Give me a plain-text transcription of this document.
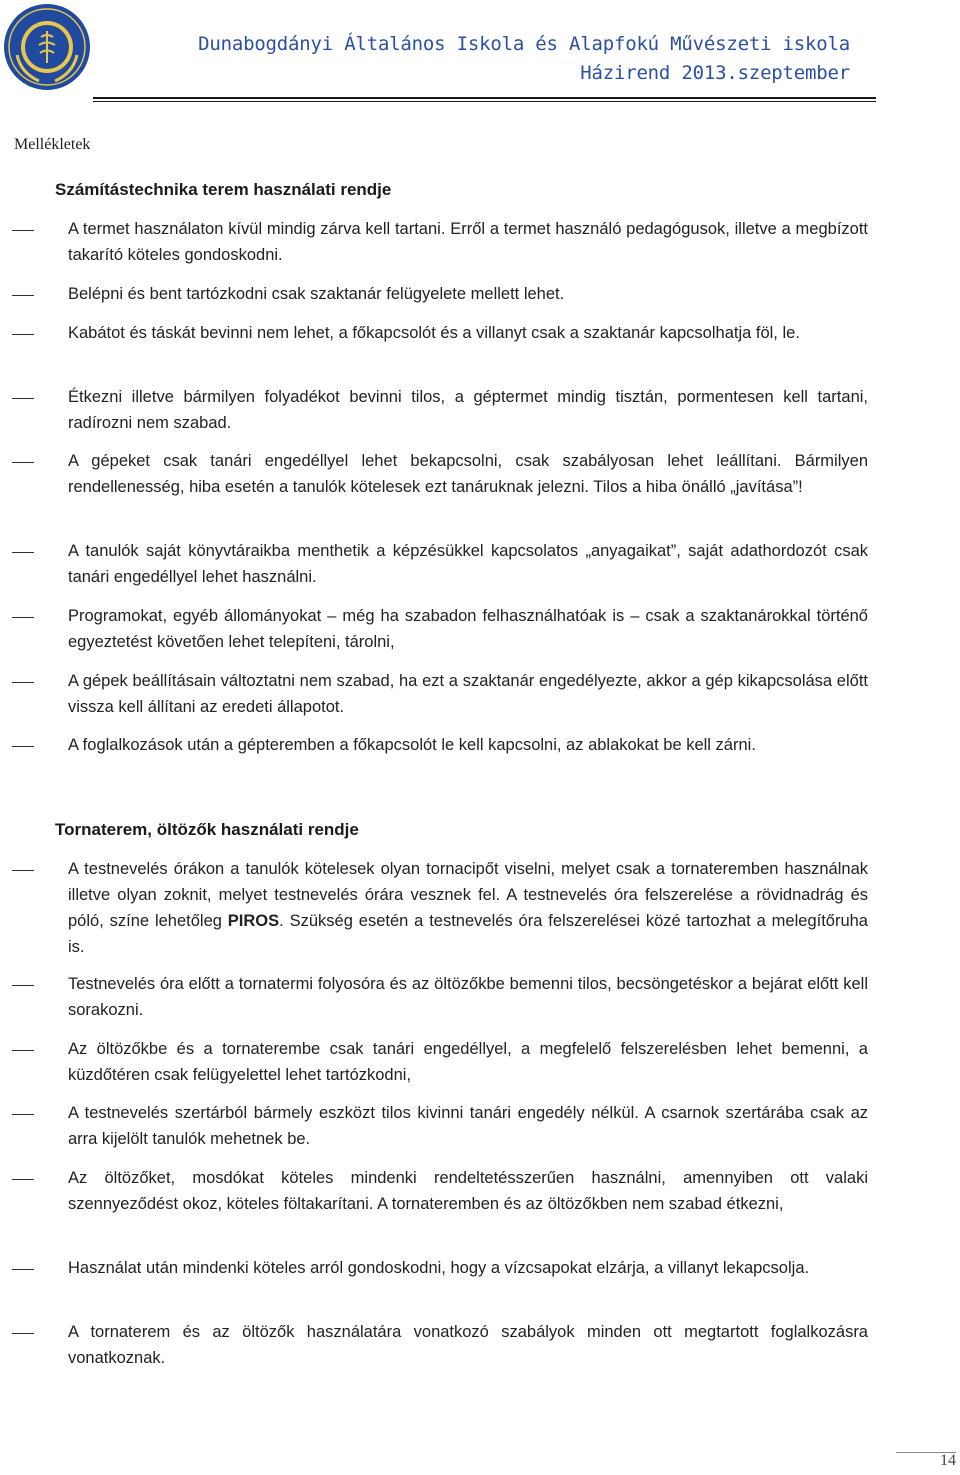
Dunabogdányi Általános Iskola és Alapfokú Művészeti iskola
Házirend 2013.szeptember
Mellékletek
Számítástechnika terem használati rendje
A termet használaton kívül mindig zárva kell tartani. Erről a termet használó pedagógusok, illetve a megbízott takarító köteles gondoskodni.
Belépni és bent tartózkodni csak szaktanár felügyelete mellett lehet.
Kabátot és táskát bevinni nem lehet, a főkapcsolót és a villanyt csak a szaktanár kapcsolhatja föl, le.
Étkezni illetve bármilyen folyadékot bevinni tilos, a géptermet mindig tisztán, pormentesen kell tartani, radírozni nem szabad.
A gépeket csak tanári engedéllyel lehet bekapcsolni, csak szabályosan lehet leállítani. Bármilyen rendellenesség, hiba esetén a tanulók kötelesek ezt tanáruknak jelezni. Tilos a hiba önálló „javítása”!
A tanulók saját könyvtáraikba menthetik a képzésükkel kapcsolatos „anyagaikat”, saját adathordozót csak tanári engedéllyel lehet használni.
Programokat, egyéb állományokat – még ha szabadon felhasználhatóak is – csak a szaktanárokkal történő egyeztetést követően lehet telepíteni, tárolni,
A gépek beállításain változtatni nem szabad, ha ezt a szaktanár engedélyezte, akkor a gép kikapcsolása előtt vissza kell állítani az eredeti állapotot.
A foglalkozások után a gépteremben a főkapcsolót le kell kapcsolni, az ablakokat be kell zárni.
Tornaterem, öltözők használati rendje
A testnevelés órákon a tanulók kötelesek olyan tornacipőt viselni, melyet csak a tornateremben használnak illetve olyan zoknit, melyet testnevelés órára vesznek fel. A testnevelés óra felszerelése a rövidnadrág és póló, színe lehetőleg PIROS. Szükség esetén a testnevelés óra felszerelései közé tartozhat a melegítőruha is.
Testnevelés óra előtt a tornatermi folyosóra és az öltözőkbe bemenni tilos, becsöngetéskor a bejárat előtt kell sorakozni.
Az öltözőkbe és a tornaterembe csak tanári engedéllyel, a megfelelő felszerelésben lehet bemenni, a küzdőtéren csak felügyelettel lehet tartózkodni,
A testnevelés szertárból bármely eszközt tilos kivinni tanári engedély nélkül. A csarnok szertárába csak az arra kijelölt tanulók mehetnek be.
Az öltözőket, mosdókat köteles mindenki rendeltetésszerűen használni, amennyiben ott valaki szennyeződést okoz, köteles föltakarítani. A tornateremben és az öltözőkben nem szabad étkezni,
Használat után mindenki köteles arról gondoskodni, hogy a vízcsapokat elzárja, a villanyt lekapcsolja.
A tornaterem és az öltözők használatára vonatkozó szabályok minden ott megtartott foglalkozásra vonatkoznak.
14
